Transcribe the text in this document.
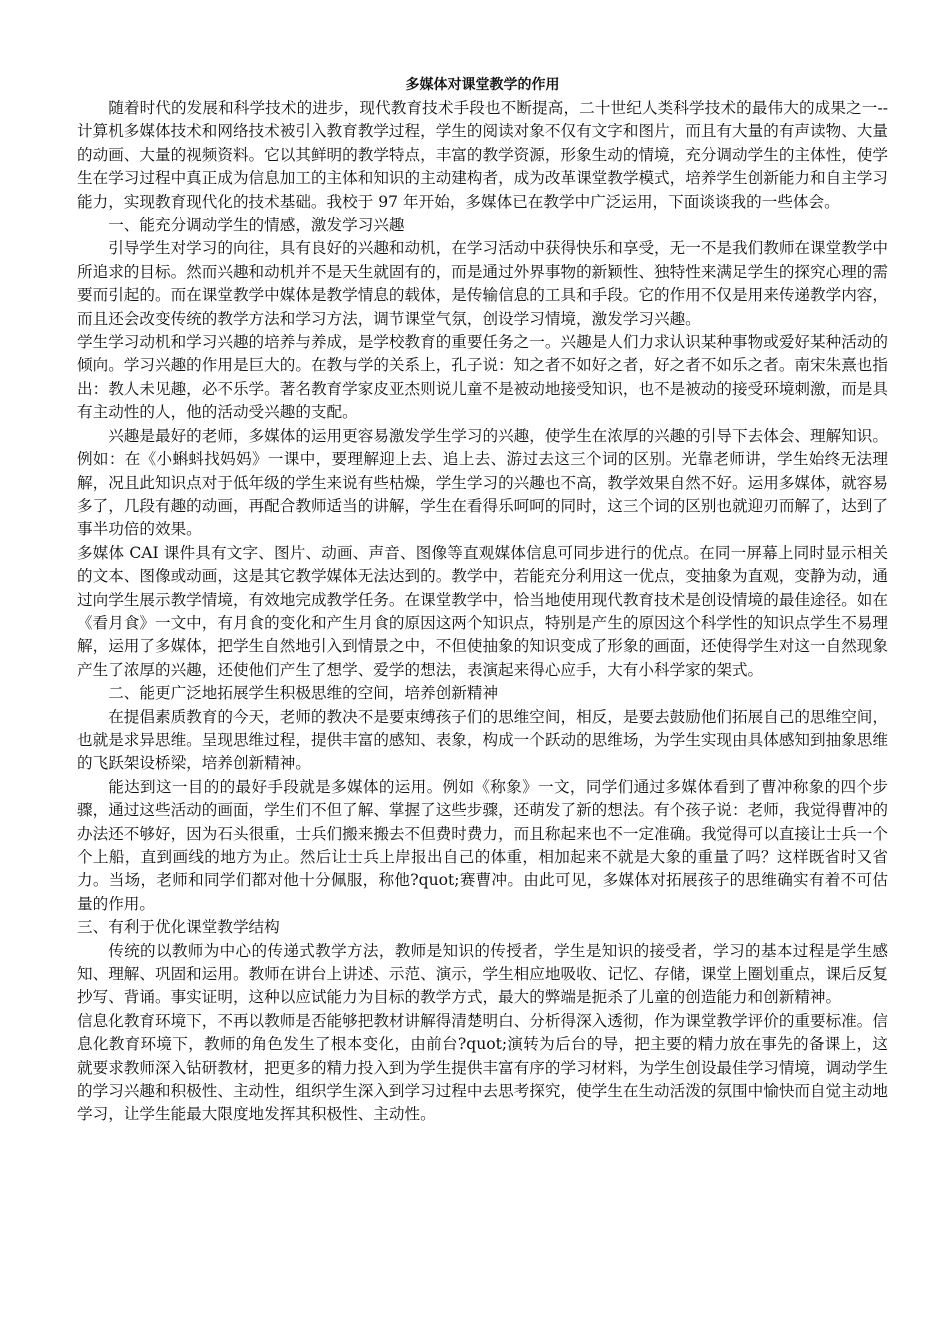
多媒体对课堂教学的作用

随着时代的发展和科学技术的进步，现代教育技术手段也不断提高，二十世纪人类科学技术的最伟大的成果之一--计算机多媒体技术和网络技术被引入教育教学过程，学生的阅读对象不仅有文字和图片，而且有大量的有声读物、大量的动画、大量的视频资料。它以其鲜明的教学特点，丰富的教学资源，形象生动的情境，充分调动学生的主体性，使学生在学习过程中真正成为信息加工的主体和知识的主动建构者，成为改革课堂教学模式，培养学生创新能力和自主学习能力，实现教育现代化的技术基础。我校于 97 年开始，多媒体已在教学中广泛运用，下面谈谈我的一些体会。

一、能充分调动学生的情感，激发学习兴趣

引导学生对学习的向往，具有良好的兴趣和动机，在学习活动中获得快乐和享受，无一不是我们教师在课堂教学中所追求的目标。然而兴趣和动机并不是天生就固有的，而是通过外界事物的新颖性、独特性来满足学生的探究心理的需要而引起的。而在课堂教学中媒体是教学情息的载体，是传输信息的工具和手段。它的作用不仅是用来传递教学内容，而且还会改变传统的教学方法和学习方法，调节课堂气氛，创设学习情境，激发学习兴趣。

学生学习动机和学习兴趣的培养与养成，是学校教育的重要任务之一。兴趣是人们力求认识某种事物或爱好某种活动的倾向。学习兴趣的作用是巨大的。在教与学的关系上，孔子说：知之者不如好之者，好之者不如乐之者。南宋朱熹也指出：教人未见趣，必不乐学。著名教育学家皮亚杰则说儿童不是被动地接受知识，也不是被动的接受环境刺激，而是具有主动性的人，他的活动受兴趣的支配。

兴趣是最好的老师，多媒体的运用更容易激发学生学习的兴趣，使学生在浓厚的兴趣的引导下去体会、理解知识。例如：在《小蝌蚪找妈妈》一课中，要理解迎上去、追上去、游过去这三个词的区别。光靠老师讲，学生始终无法理解，况且此知识点对于低年级的学生来说有些枯燥，学生学习的兴趣也不高，教学效果自然不好。运用多媒体，就容易多了，几段有趣的动画，再配合教师适当的讲解，学生在看得乐呵呵的同时，这三个词的区别也就迎刃而解了，达到了事半功倍的效果。

多媒体 CAI 课件具有文字、图片、动画、声音、图像等直观媒体信息可同步进行的优点。在同一屏幕上同时显示相关的文本、图像或动画，这是其它教学媒体无法达到的。教学中，若能充分利用这一优点，变抽象为直观，变静为动，通过向学生展示教学情境，有效地完成教学任务。在课堂教学中，恰当地使用现代教育技术是创设情境的最佳途径。如在《看月食》一文中，有月食的变化和产生月食的原因这两个知识点，特别是产生的原因这个科学性的知识点学生不易理解，运用了多媒体，把学生自然地引入到情景之中，不但使抽象的知识变成了形象的画面，还使得学生对这一自然现象产生了浓厚的兴趣，还使他们产生了想学、爱学的想法，表演起来得心应手，大有小科学家的架式。

二、能更广泛地拓展学生积极思维的空间，培养创新精神

在提倡素质教育的今天，老师的教决不是要束缚孩子们的思维空间，相反，是要去鼓励他们拓展自己的思维空间，也就是求异思维。呈现思维过程，提供丰富的感知、表象，构成一个跃动的思维场，为学生实现由具体感知到抽象思维的飞跃架设桥梁，培养创新精神。

能达到这一目的的最好手段就是多媒体的运用。例如《称象》一文，同学们通过多媒体看到了曹冲称象的四个步骤，通过这些活动的画面，学生们不但了解、掌握了这些步骤，还萌发了新的想法。有个孩子说：老师，我觉得曹冲的办法还不够好，因为石头很重，士兵们搬来搬去不但费时费力，而且称起来也不一定准确。我觉得可以直接让士兵一个个上船，直到画线的地方为止。然后让士兵上岸报出自己的体重，相加起来不就是大象的重量了吗？这样既省时又省力。当场，老师和同学们都对他十分佩服，称他?quot;赛曹冲。由此可见，多媒体对拓展孩子的思维确实有着不可估量的作用。

三、有利于优化课堂教学结构

传统的以教师为中心的传递式教学方法，教师是知识的传授者，学生是知识的接受者，学习的基本过程是学生感知、理解、巩固和运用。教师在讲台上讲述、示范、演示，学生相应地吸收、记忆、存储，课堂上圈划重点，课后反复抄写、背诵。事实证明，这种以应试能力为目标的教学方式，最大的弊端是扼杀了儿童的创造能力和创新精神。

信息化教育环境下，不再以教师是否能够把教材讲解得清楚明白、分析得深入透彻，作为课堂教学评价的重要标准。信息化教育环境下，教师的角色发生了根本变化，由前台?quot;演转为后台的导，把主要的精力放在事先的备课上，这就要求教师深入钻研教材，把更多的精力投入到为学生提供丰富有序的学习材料，为学生创设最佳学习情境，调动学生的学习兴趣和积极性、主动性，组织学生深入到学习过程中去思考探究，使学生在生动活泼的氛围中愉快而自觉主动地学习，让学生能最大限度地发挥其积极性、主动性。
